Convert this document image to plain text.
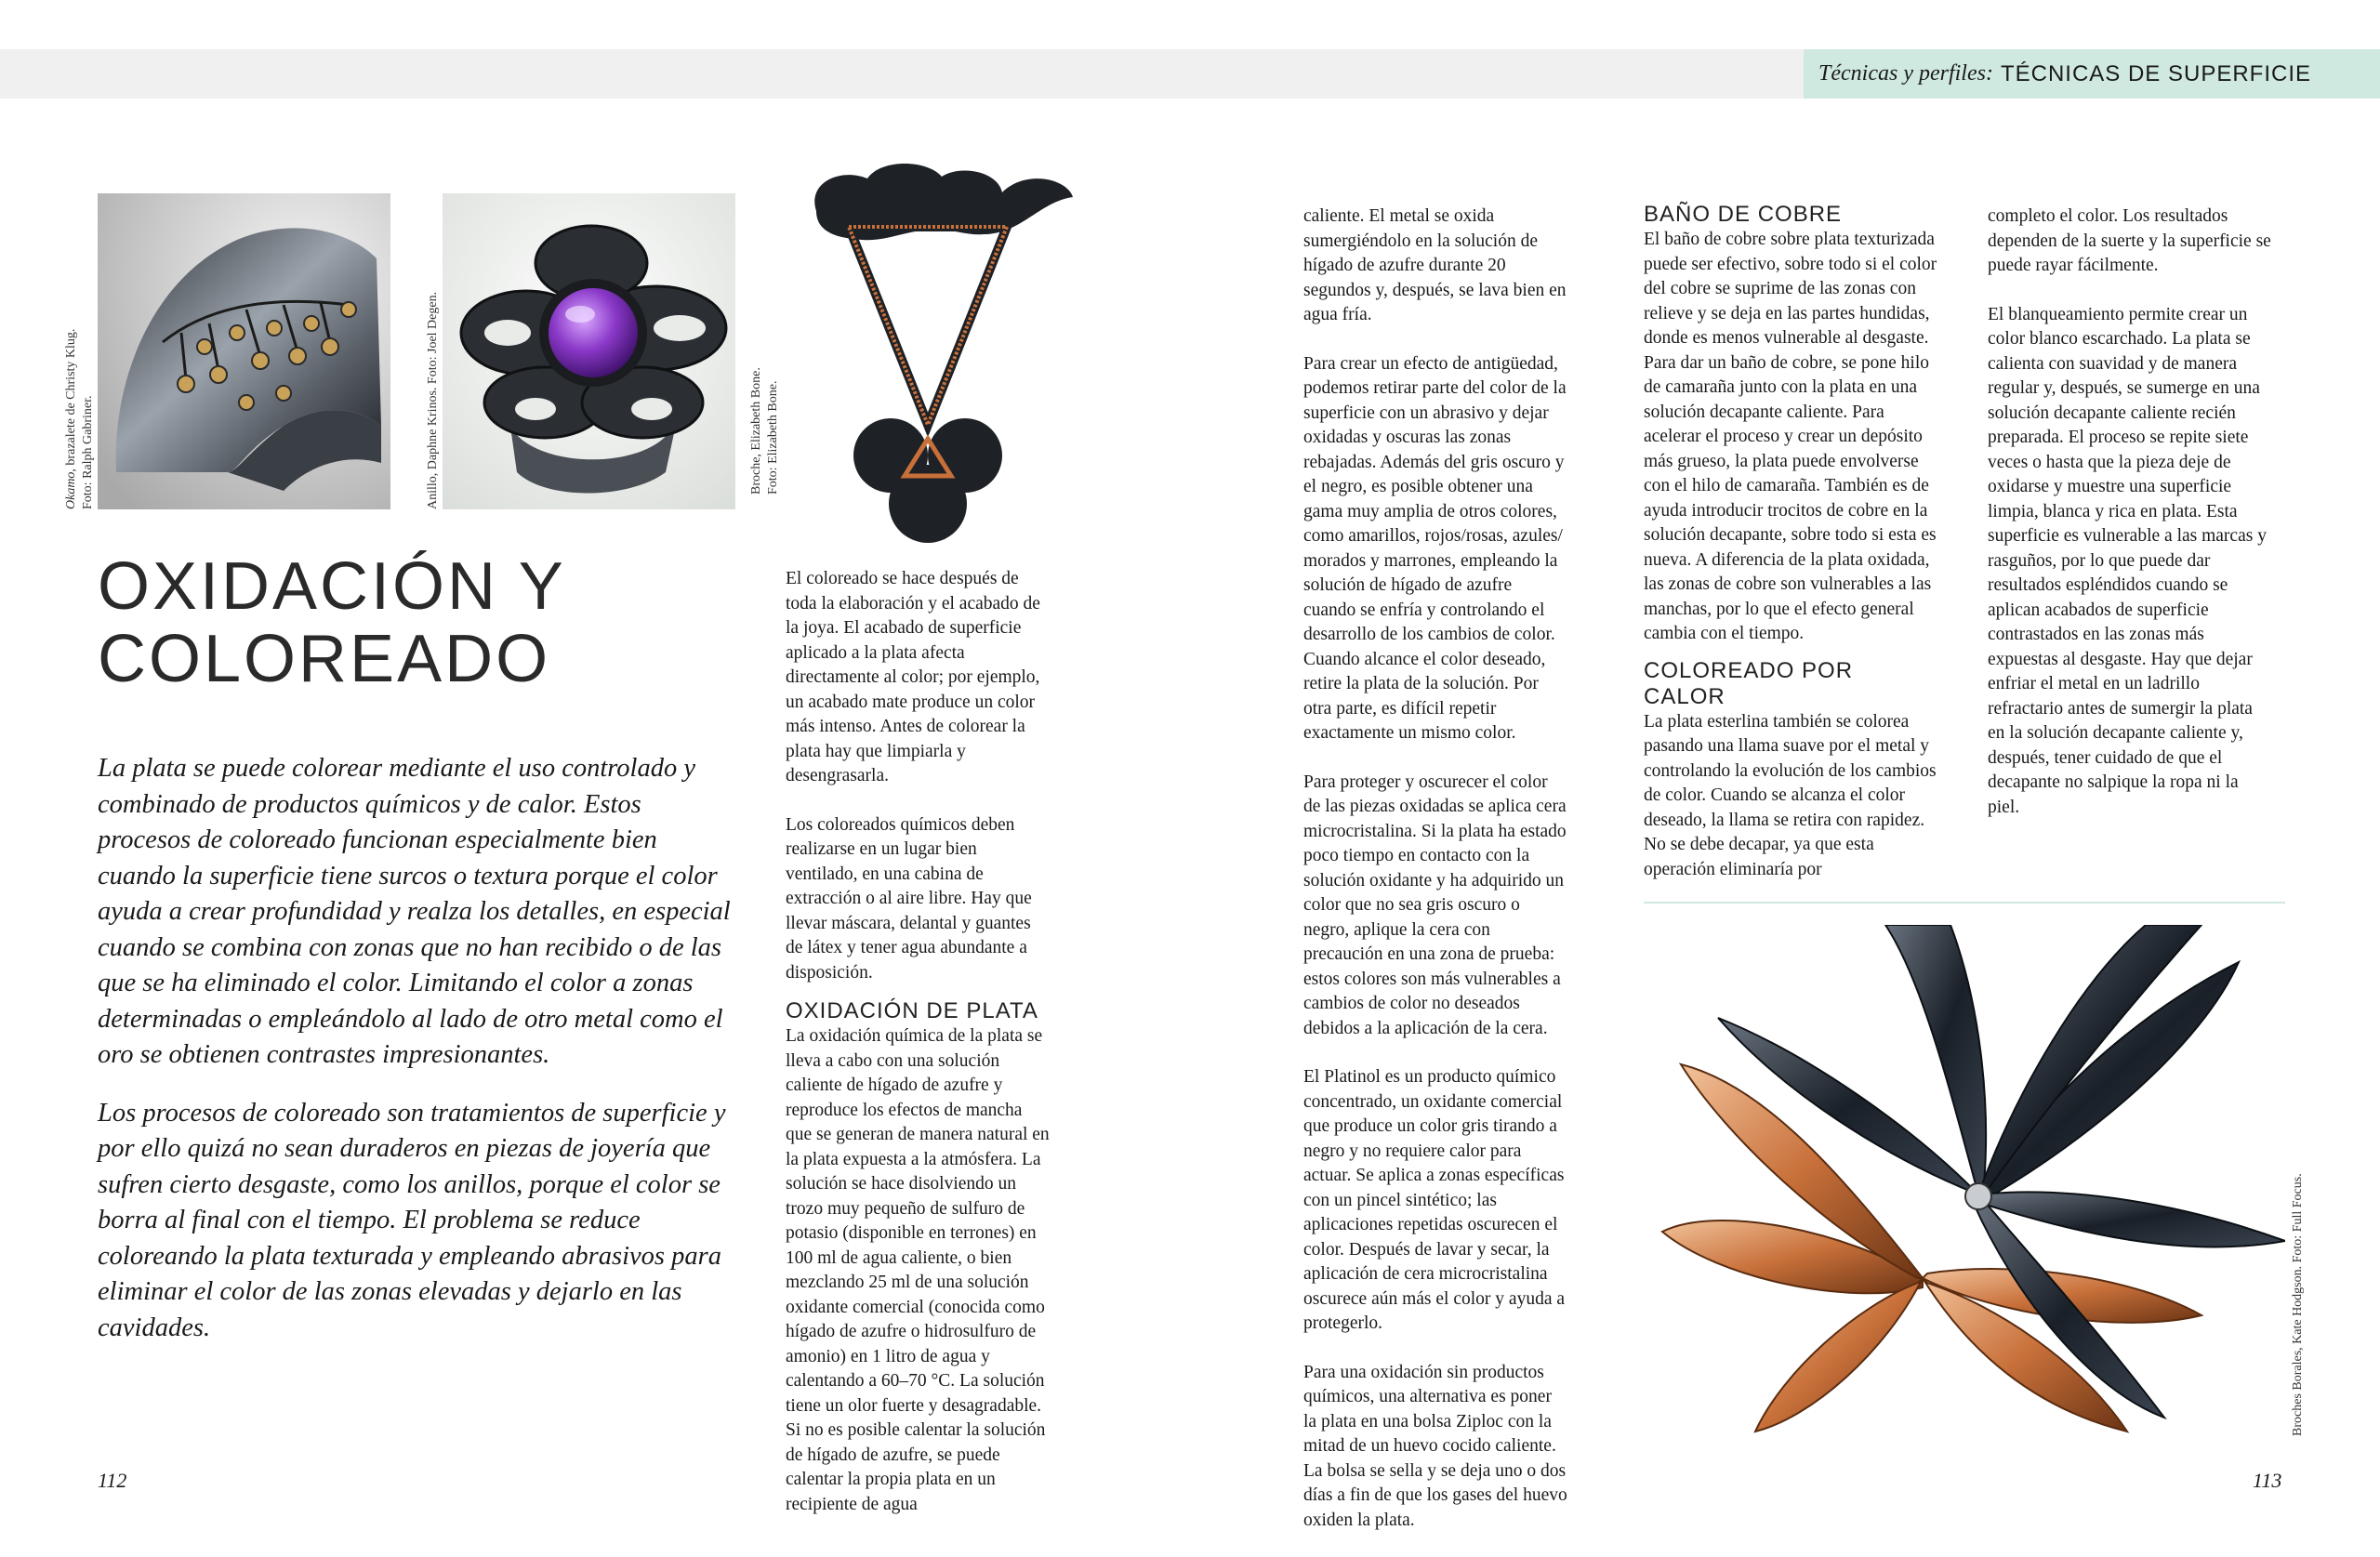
Técnicas y perfiles: TÉCNICAS DE SUPERFICIE
Okamo, brazalete de Christy Klug. Foto: Ralph Gabriner.	Anillo, Daphne Krinos. Foto: Joel Degen.	Broche, Elizabeth Bone. Foto: Elizabeth Bone.
OXIDACIÓN Y
COLOREADO

La plata se puede colorear mediante el uso controlado y combinado de productos químicos y de calor. Estos procesos de coloreado funcionan especialmente bien cuando la superficie tiene surcos o textura porque el color ayuda a crear profundidad y realza los detalles, en especial cuando se combina con zonas que no han recibido o de las que se ha eliminado el color. Limitando el color a zonas determinadas o empleándolo al lado de otro metal como el oro se obtienen contrastes impresionantes.

Los procesos de coloreado son tratamientos de superficie y por ello quizá no sean duraderos en piezas de joyería que sufren cierto desgaste, como los anillos, porque el color se borra al final con el tiempo. El problema se reduce coloreando la plata texturada y empleando abrasivos para eliminar el color de las zonas elevadas y dejarlo en las cavidades.

El coloreado se hace después de toda la elaboración y el acabado de la joya. El acabado de superficie aplicado a la plata afecta directamente al color; por ejemplo, un acabado mate produce un color más intenso. Antes de colorear la plata hay que limpiarla y desengrasarla.

Los coloreados químicos deben realizarse en un lugar bien ventilado, en una cabina de extracción o al aire libre. Hay que llevar máscara, delantal y guantes de látex y tener agua abundante a disposición.

OXIDACIÓN DE PLATA

La oxidación química de la plata se lleva a cabo con una solución caliente de hígado de azufre y reproduce los efectos de mancha que se generan de manera natural en la plata expuesta a la atmósfera. La solución se hace disolviendo un trozo muy pequeño de sulfuro de potasio (disponible en terrones) en 100 ml de agua caliente, o bien mezclando 25 ml de una solución oxidante comercial (conocida como hígado de azufre o hidrosulfuro de amonio) en 1 litro de agua y calentando a 60–70 °C. La solución tiene un olor fuerte y desagradable. Si no es posible calentar la solución de hígado de azufre, se puede calentar la propia plata en un recipiente de agua

caliente. El metal se oxida sumergiéndolo en la solución de hígado de azufre durante 20 segundos y, después, se lava bien en agua fría.

Para crear un efecto de antigüedad, podemos retirar parte del color de la superficie con un abrasivo y dejar oxidadas y oscuras las zonas rebajadas. Además del gris oscuro y el negro, es posible obtener una gama muy amplia de otros colores, como amarillos, rojos/rosas, azules/ morados y marrones, empleando la solución de hígado de azufre cuando se enfría y controlando el desarrollo de los cambios de color. Cuando alcance el color deseado, retire la plata de la solución. Por otra parte, es difícil repetir exactamente un mismo color.

Para proteger y oscurecer el color de las piezas oxidadas se aplica cera microcristalina. Si la plata ha estado poco tiempo en contacto con la solución oxidante y ha adquirido un color que no sea gris oscuro o negro, aplique la cera con precaución en una zona de prueba: estos colores son más vulnerables a cambios de color no deseados debidos a la aplicación de la cera.

El Platinol es un producto químico concentrado, un oxidante comercial que produce un color gris tirando a negro y no requiere calor para actuar. Se aplica a zonas específicas con un pincel sintético; las aplicaciones repetidas oscurecen el color. Después de lavar y secar, la aplicación de cera microcristalina oscurece aún más el color y ayuda a protegerlo.

Para una oxidación sin productos químicos, una alternativa es poner la plata en una bolsa Ziploc con la mitad de un huevo cocido caliente. La bolsa se sella y se deja uno o dos días a fin de que los gases del huevo oxiden la plata.

BAÑO DE COBRE

El baño de cobre sobre plata texturizada puede ser efectivo, sobre todo si el color del cobre se suprime de las zonas con relieve y se deja en las partes hundidas, donde es menos vulnerable al desgaste. Para dar un baño de cobre, se pone hilo de camaraña junto con la plata en una solución decapante caliente. Para acelerar el proceso y crear un depósito más grueso, la plata puede envolverse con el hilo de camaraña. También es de ayuda introducir trocitos de cobre en la solución decapante, sobre todo si esta es nueva. A diferencia de la plata oxidada, las zonas de cobre son vulnerables a las manchas, por lo que el efecto general cambia con el tiempo.

COLOREADO POR CALOR

La plata esterlina también se colorea pasando una llama suave por el metal y controlando la evolución de los cambios de color. Cuando se alcanza el color deseado, la llama se retira con rapidez. No se debe decapar, ya que esta operación eliminaría por

completo el color. Los resultados dependen de la suerte y la superficie se puede rayar fácilmente.

El blanqueamiento permite crear un color blanco escarchado. La plata se calienta con suavidad y de manera regular y, después, se sumerge en una solución decapante caliente recién preparada. El proceso se repite siete veces o hasta que la pieza deje de oxidarse y muestre una superficie limpia, blanca y rica en plata. Esta superficie es vulnerable a las marcas y rasguños, por lo que puede dar resultados espléndidos cuando se aplican acabados de superficie contrastados en las zonas más expuestas al desgaste. Hay que dejar enfriar el metal en un ladrillo refractario antes de sumergir la plata en la solución decapante caliente y, después, tener cuidado de que el decapante no salpique la ropa ni la piel.

Broches Borales, Kate Hodgson. Foto: Full Focus.
112	113
